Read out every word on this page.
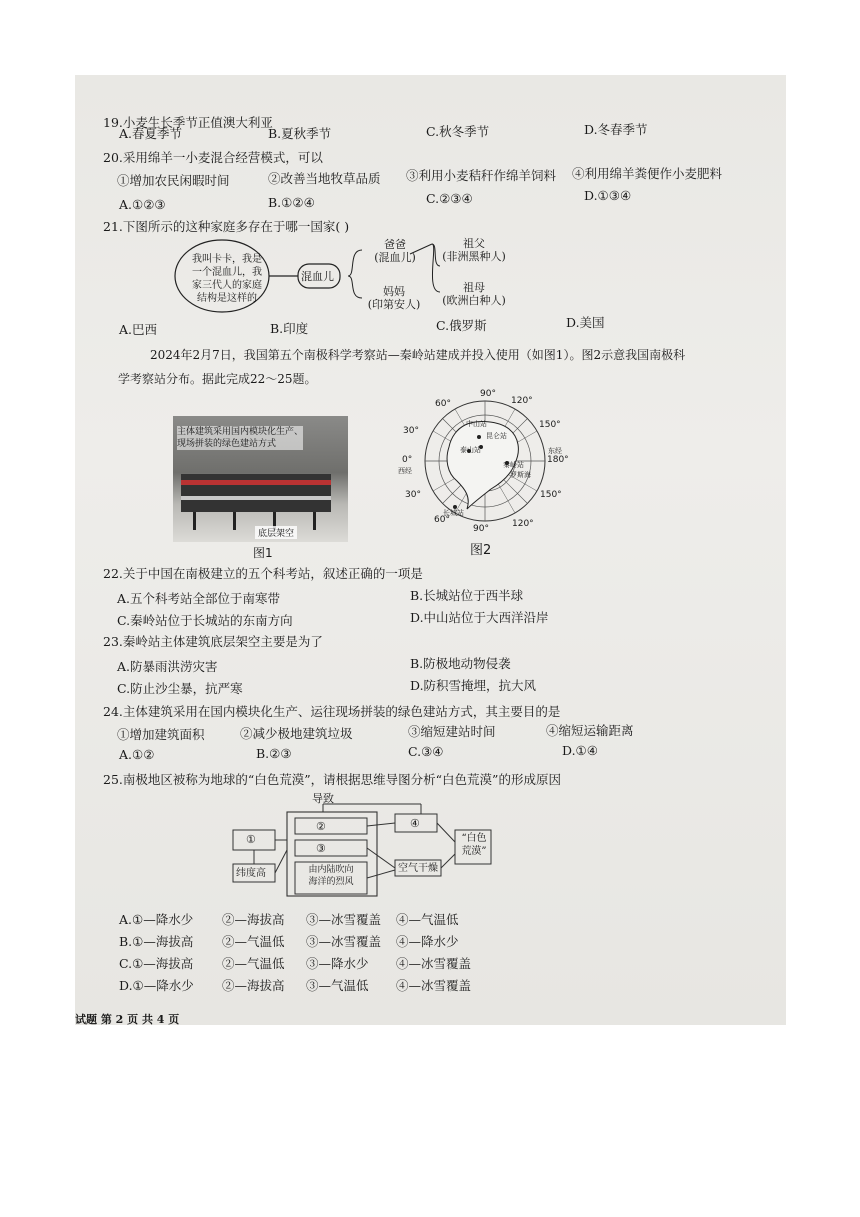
19.小麦生长季节正值澳大利亚
A.春夏季节	B.夏秋季节	C.秋冬季节	D.冬春季节
20.采用绵羊一小麦混合经营模式，可以
①增加农民闲暇时间	②改善当地牧草品质 ③利用小麦秸秆作绵羊饲料 ④利用绵羊粪便作小麦肥料
A.①②③	B.①②④	C.②③④	D.①③④
21.下图所示的这种家庭多存在于哪一国家( )
我叫卡卡，我是
一个混血儿，我
家三代人的家庭
结构是这样的
混血儿
爸爸
(混血儿)
妈妈
(印第安人)
祖父
(非洲黑种人)
祖母
(欧洲白种人)
A.巴西	B.印度	C.俄罗斯	D.美国
2024年2月7日，我国第五个南极科学考察站—秦岭站建成并投入使用（如图1）。图2示意我国南极科
学考察站分布。据此完成22～25题。
主体建筑采用国内模块化生产、
现场拼装的绿色建站方式
底层架空
图1
90°
60°	120°
30°
150°
0°
西经
东经
180°
30°	150°
60°
90°	120°
中山站
昆仑站
泰山站
秦岭站
罗斯海
长城站
图2
22.关于中国在南极建立的五个科考站，叙述正确的一项是
A.五个科考站全部位于南寒带	B.长城站位于西半球
C.秦岭站位于长城站的东南方向	D.中山站位于大西洋沿岸
23.秦岭站主体建筑底层架空主要是为了
A.防暴雨洪涝灾害	B.防极地动物侵袭
C.防止沙尘暴，抗严寒	D.防积雪掩埋，抗大风
24.主体建筑采用在国内模块化生产、运往现场拼装的绿色建站方式，其主要目的是
①增加建筑面积	②减少极地建筑垃圾	③缩短建站时间	④缩短运输距离
A.①②	B.②③	C.③④	D.①④
25.南极地区被称为地球的“白色荒漠”，请根据思维导图分析“白色荒漠”的形成原因
导致
①
②
③
④
纬度高	由内陆吹向
海洋的烈风
空气干燥
“白色
荒漠”
A.①—降水少 ②—海拔高 ③—冰雪覆盖 ④—气温低
B.①—海拔高 ②—气温低 ③—冰雪覆盖 ④—降水少
C.①—海拔高 ②—气温低 ③—降水少 ④—冰雪覆盖
D.①—降水少 ②—海拔高 ③—气温低 ④—冰雪覆盖
试题 第 2 页 共 4 页
